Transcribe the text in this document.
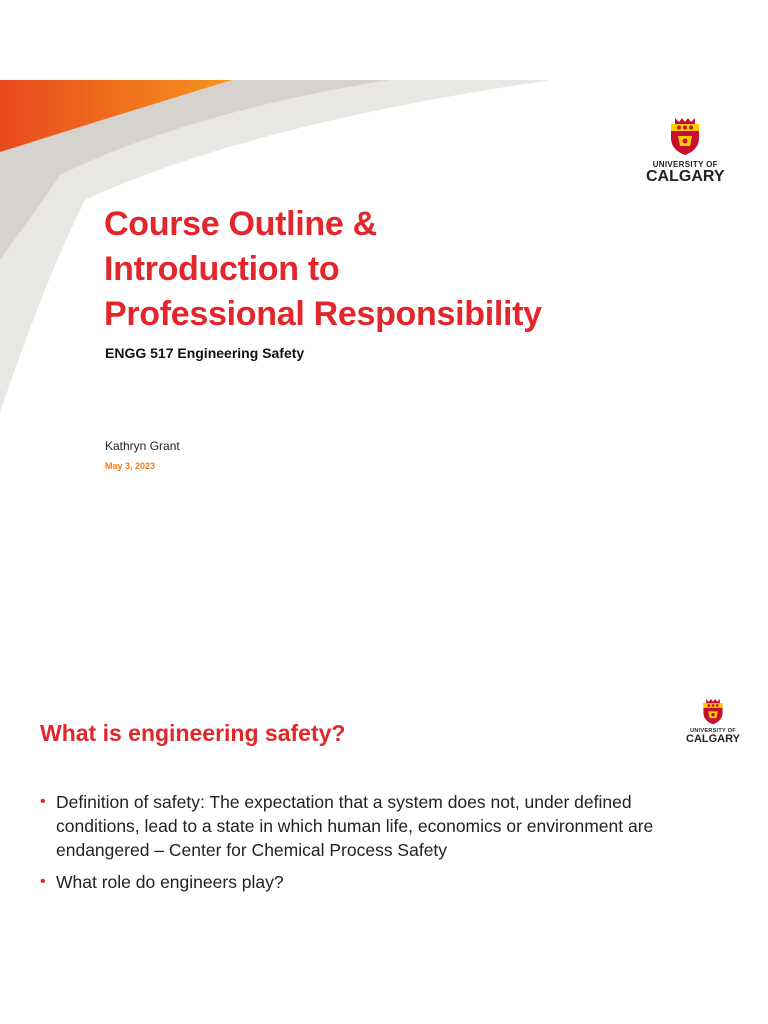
UNIVERSITY OF
CALGARY
Course Outline &
Introduction to
Professional Responsibility
ENGG 517 Engineering Safety
Kathryn Grant
May 3, 2023
UNIVERSITY OF
CALGARY
What is engineering safety?
• Definition of safety: The expectation that a system does not, under defined conditions, lead to a state in which human life, economics or environment are endangered – Center for Chemical Process Safety
• What role do engineers play?
